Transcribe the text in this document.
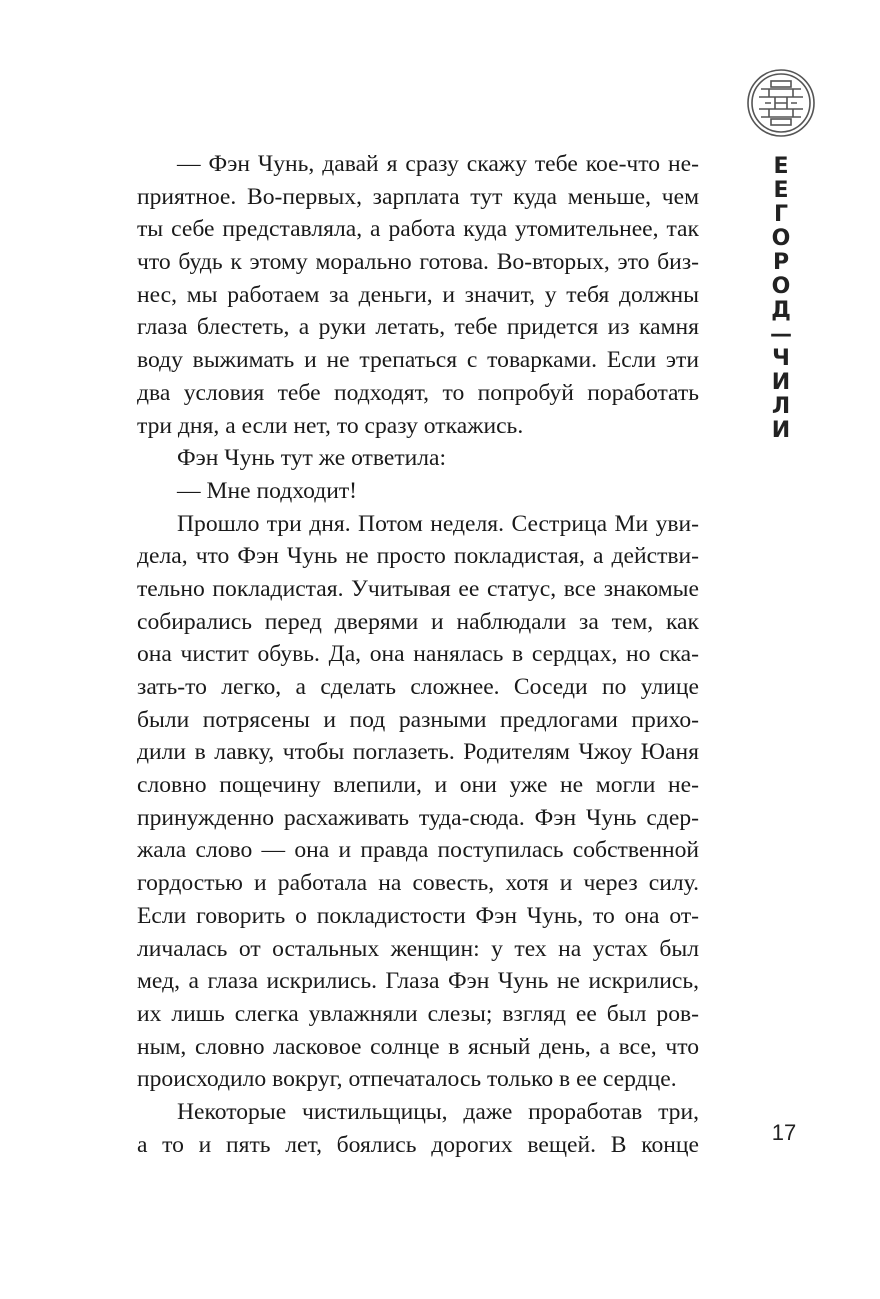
Е
Е
Г
О
Р
О
Д
—
Ч
И
Л
И
— Фэн Чунь, давай я сразу скажу тебе кое-что не-
приятное. Во-первых, зарплата тут куда меньше, чем
ты себе представляла, а работа куда утомительнее, так
что будь к этому морально готова. Во-вторых, это биз-
нес, мы работаем за деньги, и значит, у тебя должны
глаза блестеть, а руки летать, тебе придется из камня
воду выжимать и не трепаться с товарками. Если эти
два условия тебе подходят, то попробуй поработать
три дня, а если нет, то сразу откажись.
Фэн Чунь тут же ответила:
— Мне подходит!
Прошло три дня. Потом неделя. Сестрица Ми уви-
дела, что Фэн Чунь не просто покладистая, а действи-
тельно покладистая. Учитывая ее статус, все знакомые
собирались перед дверями и наблюдали за тем, как
она чистит обувь. Да, она нанялась в сердцах, но ска-
зать-то легко, а сделать сложнее. Соседи по улице
были потрясены и под разными предлогами прихо-
дили в лавку, чтобы поглазеть. Родителям Чжоу Юаня
словно пощечину влепили, и они уже не могли не-
принужденно расхаживать туда-сюда. Фэн Чунь сдер-
жала слово — она и правда поступилась собственной
гордостью и работала на совесть, хотя и через силу.
Если говорить о покладистости Фэн Чунь, то она от-
личалась от остальных женщин: у тех на устах был
мед, а глаза искрились. Глаза Фэн Чунь не искрились,
их лишь слегка увлажняли слезы; взгляд ее был ров-
ным, словно ласковое солнце в ясный день, а все, что
происходило вокруг, отпечаталось только в ее сердце.
Некоторые чистильщицы, даже проработав три,
а то и пять лет, боялись дорогих вещей. В конце	17
